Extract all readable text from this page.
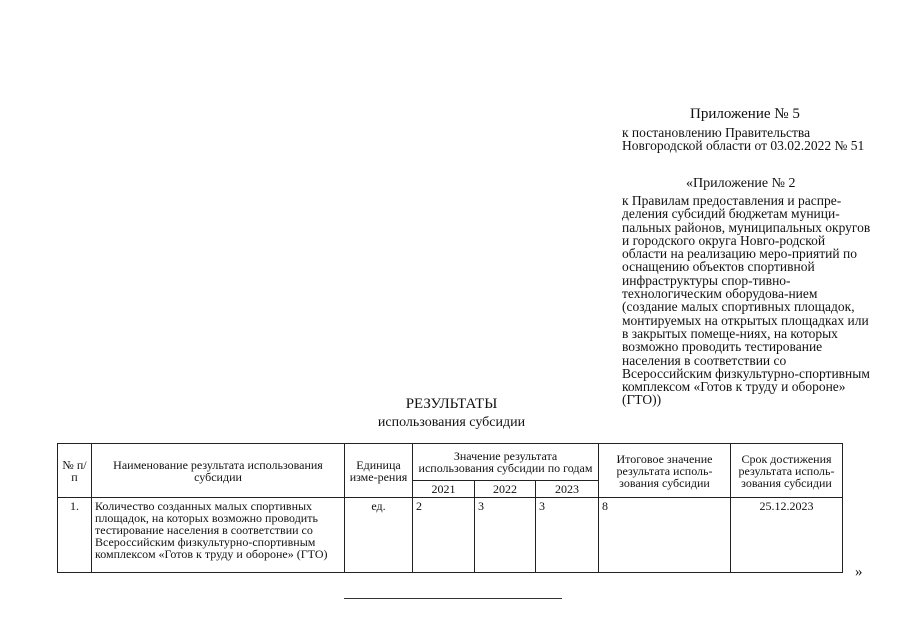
Приложение № 5
к постановлению Правительства Новгородской области от 03.02.2022 № 51
«Приложение № 2
к Правилам предоставления и распре-деления субсидий бюджетам муници-пальных районов, муниципальных округов и городского округа Новго-родской области на реализацию меро-приятий по оснащению объектов спортивной инфраструктуры спор-тивно-технологическим оборудова-нием (создание малых спортивных площадок, монтируемых на открытых площадках или в закрытых помеще-ниях, на которых возможно проводить тестирование населения в соответствии со Всероссийским физкультурно-спортивным комплексом «Готов к труду и обороне» (ГТО))
РЕЗУЛЬТАТЫ
использования субсидии
№ п/п	Наименование результата использования субсидии	Единица изме-рения	Значение результата использования субсидии по годам			Итоговое значение результата исполь-зования субсидии	Срок достижения результата исполь-зования субсидии
			2021	2022	2023		
1.	Количество созданных малых спортивных площадок, на которых возможно проводить тестирование населения в соответствии со Всероссийским физкультурно-спортивным комплексом «Готов к труду и обороне» (ГТО)	ед.	2	3	3	8	25.12.2023
»
